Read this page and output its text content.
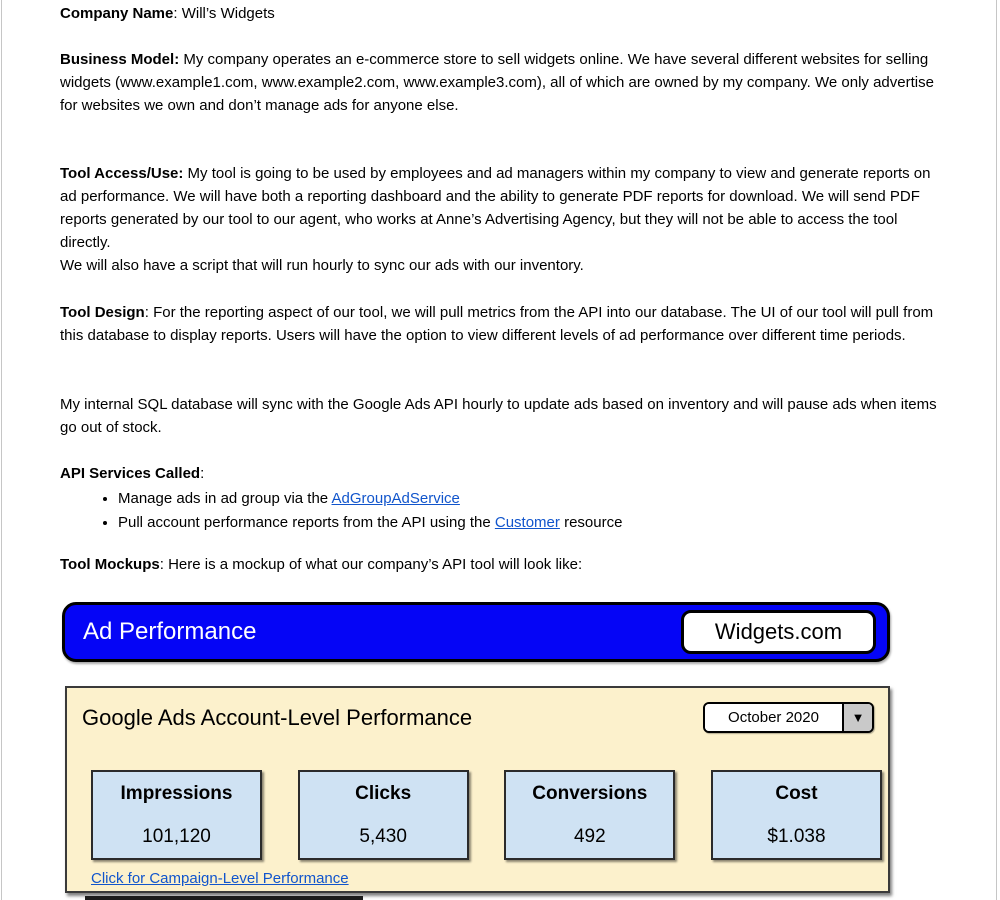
Company Name: Will’s Widgets

Business Model: My company operates an e-commerce store to sell widgets online. We have several different websites for selling widgets (www.example1.com, www.example2.com, www.example3.com), all of which are owned by my company. We only advertise for websites we own and don’t manage ads for anyone else.

Tool Access/Use: My tool is going to be used by employees and ad managers within my company to view and generate reports on ad performance. We will have both a reporting dashboard and the ability to generate PDF reports for download. We will send PDF reports generated by our tool to our agent, who works at Anne’s Advertising Agency, but they will not be able to access the tool directly.
We will also have a script that will run hourly to sync our ads with our inventory.

Tool Design: For the reporting aspect of our tool, we will pull metrics from the API into our database. The UI of our tool will pull from this database to display reports. Users will have the option to view different levels of ad performance over different time periods.

My internal SQL database will sync with the Google Ads API hourly to update ads based on inventory and will pause ads when items go out of stock.

API Services Called:
• Manage ads in ad group via the AdGroupAdService
• Pull account performance reports from the API using the Customer resource

Tool Mockups: Here is a mockup of what our company’s API tool will look like:

Ad Performance	Widgets.com
Google Ads Account-Level Performance	October 2020	▼
Impressions
101,120
Clicks
5,430
Conversions
492
Cost
$1.038
Click for Campaign-Level Performance
